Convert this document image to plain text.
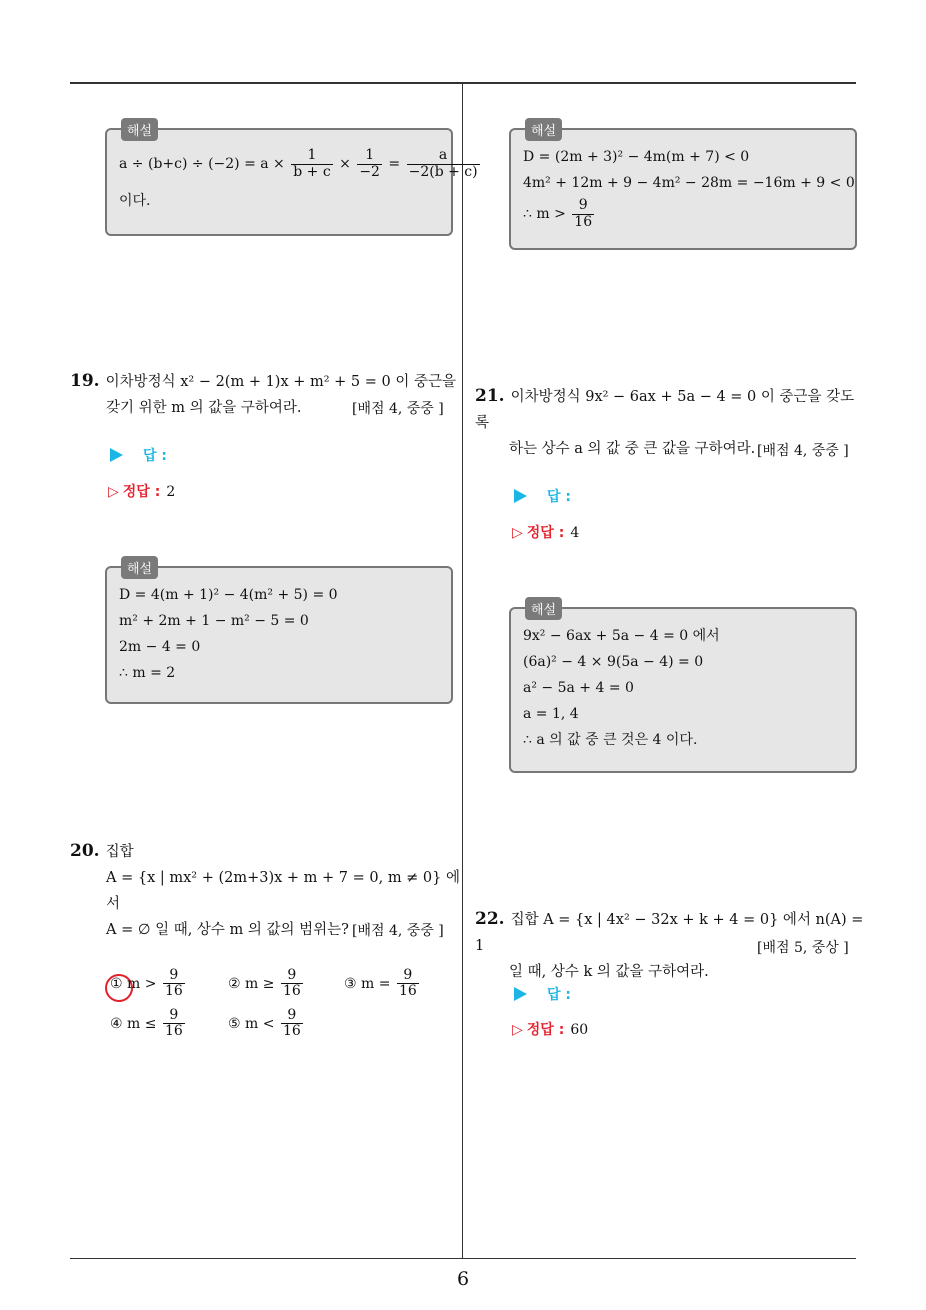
해설
$a \div (b+c) \div (-2) = a \times \frac{1}{b + c} \times \frac{1}{-2} = \frac{a}{-2(b + c)}$
이다.
19. 이차방정식 x² − 2(m + 1)x + m² + 5 = 0 이 중근을
갖기 위한 m 의 값을 구하여라.	[배점 4, 중중 ]
답 :
▷ 정답 : 2
해설
D = 4(m + 1)² − 4(m² + 5) = 0
m² + 2m + 1 − m² − 5 = 0
2m − 4 = 0
∴ m = 2
20. 집합
A = {x | mx² + (2m+3)x + m + 7 = 0, m ≠ 0} 에서
A = ∅ 일 때, 상수 m 의 값의 범위는? [배점 4, 중중 ]
① $m > \frac{9}{16}$	② $m \ge \frac{9}{16}$	③ $m = \frac{9}{16}$
④ $m \le \frac{9}{16}$	⑤ $m < \frac{9}{16}$
해설
D = (2m + 3)² − 4m(m + 7) < 0
4m² + 12m + 9 − 4m² − 28m = −16m + 9 < 0
∴ $m > \frac{9}{16}$
21. 이차방정식 9x² − 6ax + 5a − 4 = 0 이 중근을 갖도록
하는 상수 a 의 값 중 큰 값을 구하여라. [배점 4, 중중 ]
답 :
▷ 정답 : 4
해설
9x² − 6ax + 5a − 4 = 0 에서
(6a)² − 4 × 9(5a − 4) = 0
a² − 5a + 4 = 0
a = 1, 4
∴ a 의 값 중 큰 것은 4 이다.
22. 집합 A = {x | 4x² − 32x + k + 4 = 0} 에서 n(A) = 1
일 때, 상수 k 의 값을 구하여라.
[배점 5, 중상 ]
답 :
▷ 정답 : 60
6
